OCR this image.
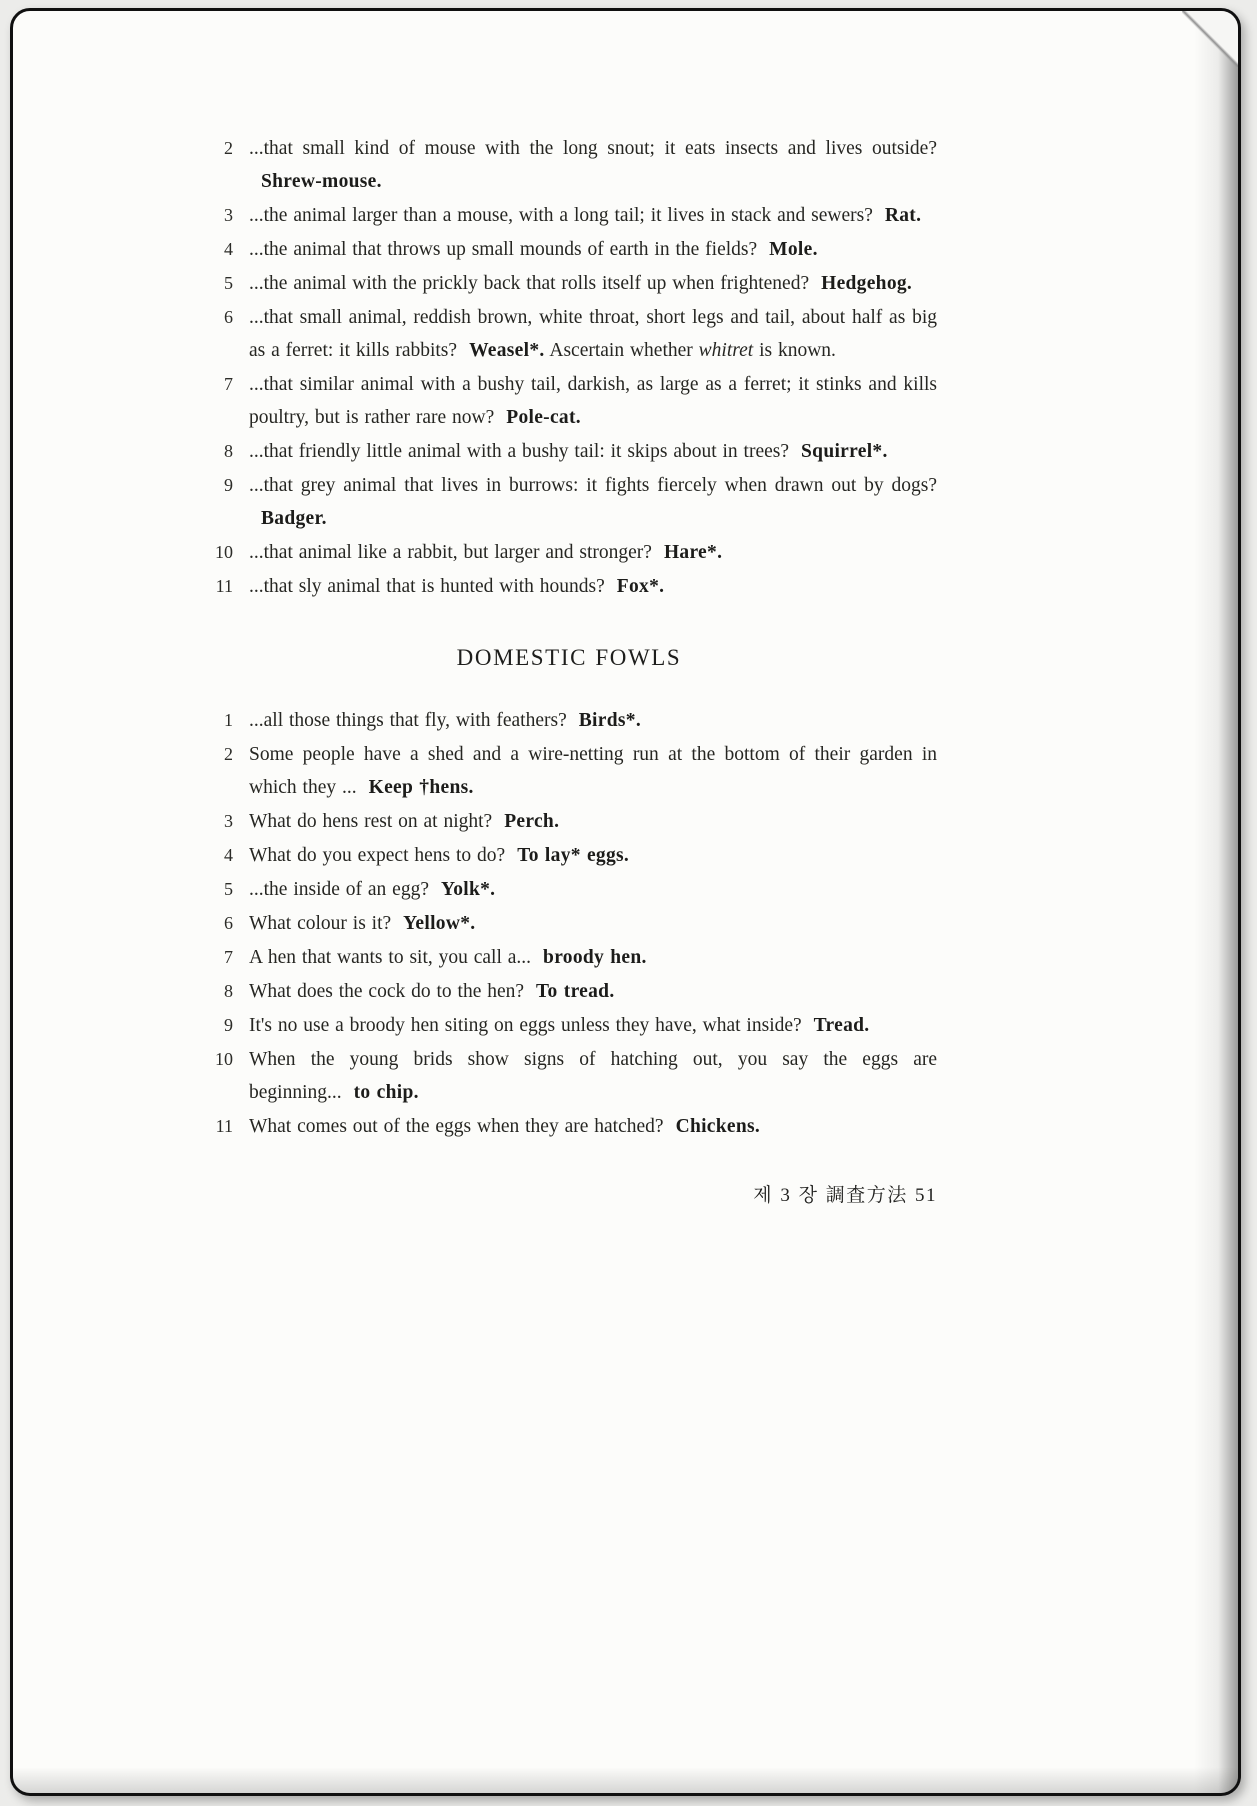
2 ...that small kind of mouse with the long snout; it eats insects and lives outside?Shrew-mouse.
3 ...the animal larger than a mouse, with a long tail; it lives in stack and sewers? Rat.
4 ...the animal that throws up small mounds of earth in the fields? Mole.
5 ...the animal with the prickly back that rolls itself up when frightened? Hedgehog.
6 ...that small animal, reddish brown, white throat, short legs and tail, about half as big as a ferret: it kills rabbits? Weasel*. Ascertain whether whitret is known.
7 ...that similar animal with a bushy tail, darkish, as large as a ferret; it stinks and kills poultry, but is rather rare now? Pole-cat.
8 ...that friendly little animal with a bushy tail: it skips about in trees? Squirrel*.
9 ...that grey animal that lives in burrows: it fights fiercely when drawn out by dogs?Badger.
10 ...that animal like a rabbit, but larger and stronger? Hare*.
11 ...that sly animal that is hunted with hounds? Fox*.
DOMESTIC FOWLS
1 ...all those things that fly, with feathers? Birds*.
2 Some people have a shed and a wire-netting run at the bottom of their garden in which they ... Keep †hens.
3 What do hens rest on at night? Perch.
4 What do you expect hens to do? To lay* eggs.
5 ...the inside of an egg? Yolk*.
6 What colour is it? Yellow*.
7 A hen that wants to sit, you call a... broody hen.
8 What does the cock do to the hen? To tread.
9 It's no use a broody hen siting on eggs unless they have, what inside? Tread.
10 When the young brids show signs of hatching out, you say the eggs are beginning... to chip.
11 What comes out of the eggs when they are hatched? Chickens.
제 3 장 調査方法 51
